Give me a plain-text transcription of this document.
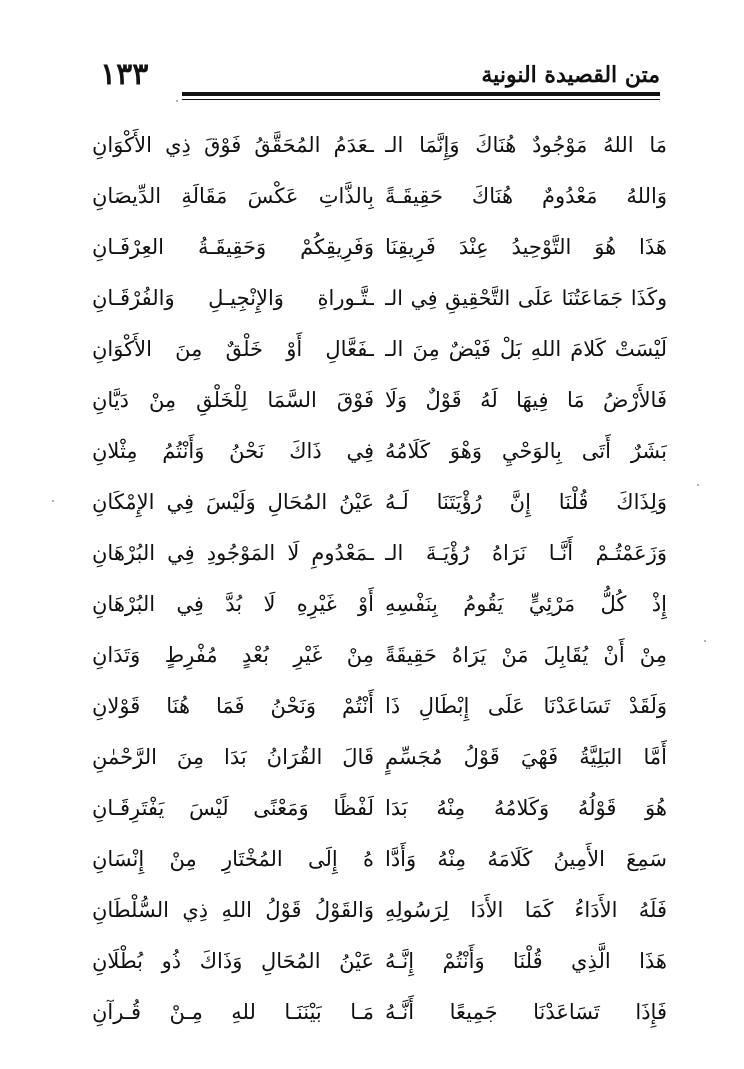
١٣٣	متن القصيدة النونية
مَا اللهُ مَوْجُودٌ هُنَاكَ وَإِنَّمَا الـ
ـعَدَمُ المُحَقَّقُ فَوْقَ ذِي الأَكْوَانِ
وَاللهُ مَعْدُومٌ هُنَاكَ حَقِيقَـةً
بِالذَّاتِ عَكْسَ مَقَالَةِ الدِّيصَانِ
هَذَا هُوَ التَّوْحِيدُ عِنْدَ فَرِيقِنَا
وَفَرِيقِكُمْ وَحَقِيقَـةُ العِرْفَـانِ
وكَذَا جَمَاعَتُنَا عَلَى التَّحْقِيقِ فِي الـ
ـتَّـوراةِ وَالإِنْجِيـلِ وَالفُرْقَـانِ
لَيْسَتْ كَلامَ اللهِ بَلْ فَيْضٌ مِنَ الـ
ـفَعَّالِ أَوْ خَلْقٌ مِنَ الأَكْوَانِ
فَالأَرْضُ مَا فِيهَا لَهُ قَوْلٌ وَلَا
فَوْقَ السَّمَا لِلْخَلْقِ مِنْ دَيَّانِ
بَشَرٌ أَتَى بِالوَحْيِ وَهْوَ كَلَامُهُ
فِي ذَاكَ نَحْنُ وَأَنْتُمُ مِثْلانِ
وَلِذَاكَ قُلْنَا إِنَّ رُؤْيَتَنَا لَـهُ
عَيْنُ المُحَالِ وَلَيْسَ فِي الإِمْكَانِ
وَزَعَمْتُـمْ أَنَّـا نَرَاهُ رُؤْيَـةَ الـ
ـمَعْدُومِ لَا المَوْجُودِ فِي البُرْهَانِ
إِذْ كُلُّ مَرْئِيٍّ يَقُومُ بِنَفْسِهِ
أَوْ غَيْرِهِ لَا بُدَّ فِي البُرْهَانِ
مِنْ أَنْ يُقَابِلَ مَنْ يَرَاهُ حَقِيقَةً
مِنْ غَيْرِ بُعْدٍ مُفْرِطٍ وَتَدَانِ
وَلَقَدْ تَسَاعَدْنَا عَلَى إِبْطَالِ ذَا
أَنْتُمْ وَنَحْنُ فَمَا هُنَا قَوْلانِ
أَمَّا البَلِيَّةُ فَهْيَ قَوْلُ مُجَسِّمٍ
قَالَ القُرَانُ بَدَا مِنَ الرَّحْمٰنِ
هُوَ قَوْلُهُ وَكَلامُهُ مِنْهُ بَدَا
لَفْظًا وَمَعْنًى لَيْسَ يَفْتَرِقَـانِ
سَمِعَ الأَمِينُ كَلَامَهُ مِنْهُ وَأَدَّا
هُ إِلَى المُخْتَارِ مِنْ إِنْسَانِ
فَلَهُ الأَدَاءُ كَمَا الأَدَا لِرَسُولِهِ
وَالقَوْلُ قَوْلُ اللهِ ذِي السُّلْطَانِ
هَذَا الَّذِي قُلْنَا وَأَنْتُمْ إِنَّـهُ
عَيْنُ المُحَالِ وَذَاكَ ذُو بُطْلَانِ
فَإِذَا تَسَاعَدْنَا جَمِيعًا أَنَّـهُ
مَـا بَيْنَنَـا للهِ مِـنْ قُـرآنِ
